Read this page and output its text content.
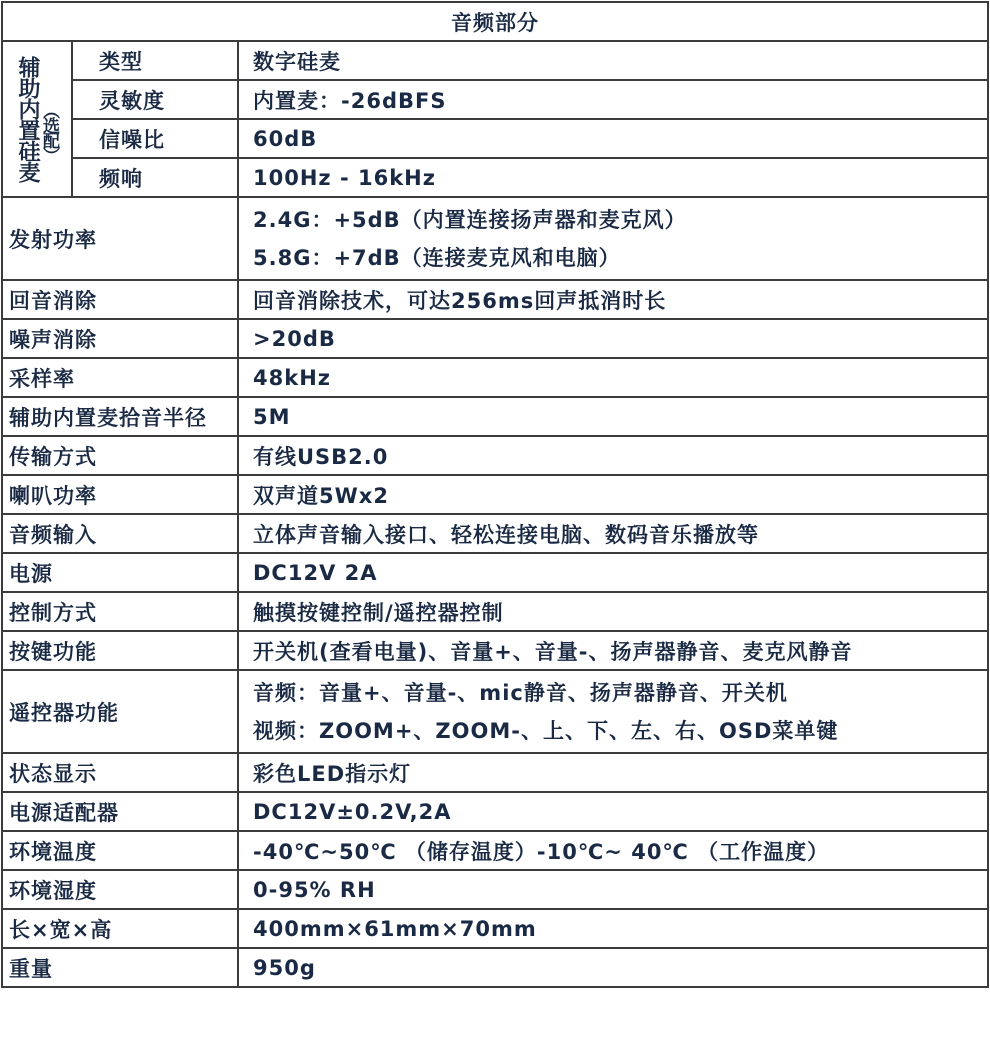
音频部分		

辅助内置硅麦 （选配）	类型	数字硅麦
	灵敏度	内置麦：-26dBFS
	信噪比	60dB
	频响	100Hz - 16kHz
发射功率		2.4G：+5dB（内置连接扬声器和麦克风）
5.8G：+7dB（连接麦克风和电脑）

回音消除		回音消除技术，可达256ms回声抵消时长
噪声消除		>20dB
采样率		48kHz
辅助内置麦拾音半径		5M
传输方式		有线USB2.0
喇叭功率		双声道5Wx2
音频输入		立体声音输入接口、轻松连接电脑、数码音乐播放等
电源		DC12V 2A
控制方式		触摸按键控制/遥控器控制
按键功能		开关机(查看电量)、音量+、音量-、扬声器静音、麦克风静音
遥控器功能		音频：音量+、音量-、mic静音、扬声器静音、开关机
视频：ZOOM+、ZOOM-、上、下、左、右、OSD菜单键

状态显示		彩色LED指示灯
电源适配器		DC12V±0.2V,2A
环境温度		-40℃~50℃ （储存温度）-10℃~ 40℃ （工作温度）
环境湿度		0-95% RH
长×宽×高		400mm×61mm×70mm
重量		950g
